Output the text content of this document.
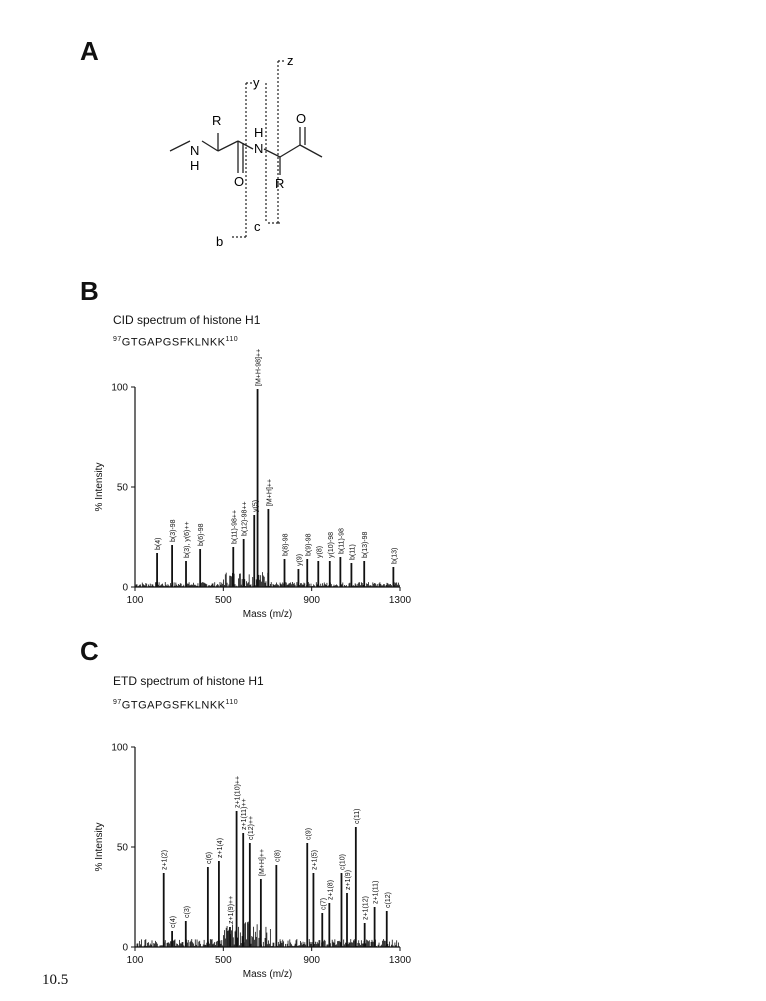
A
R
N
H
O
N
H
R
O
y
z
b
c
B
CID spectrum of histone H1
$^{97}$GTGAPGSFKLNKK$^{110}$
0
50
100
100	500	900	1300
Mass (m/z)
% Intensity
b(4)
b(3)-98 b(3), y(6)++ b(6)-98	b(11)-98++ b(12)-98++ y(5)
[M+H-98]++
[M+H]++
b(8)-98
y(9)
b(9)-98 y(8) y(10)-98 b(11)-98 b(11) b(13)-98	b(13)
C
ETD spectrum of histone H1
$^{97}$GTGAPGSFKLNKK$^{110}$
0
50
100
100	500	900	1300
Mass (m/z)
% Intensity	z+1(2)
c(4)
c(3)
c(6) z+1(4)
z+1(9)++
z+1(10)++
z+1(11)++ c(12)++
[M+H]++ c(8)
c(9)
z+1(5)
c(7)
z+1(8)
c(10)
z+1(9)
c(11)
z+1(12)
z+1(11) c(12)
10.5
